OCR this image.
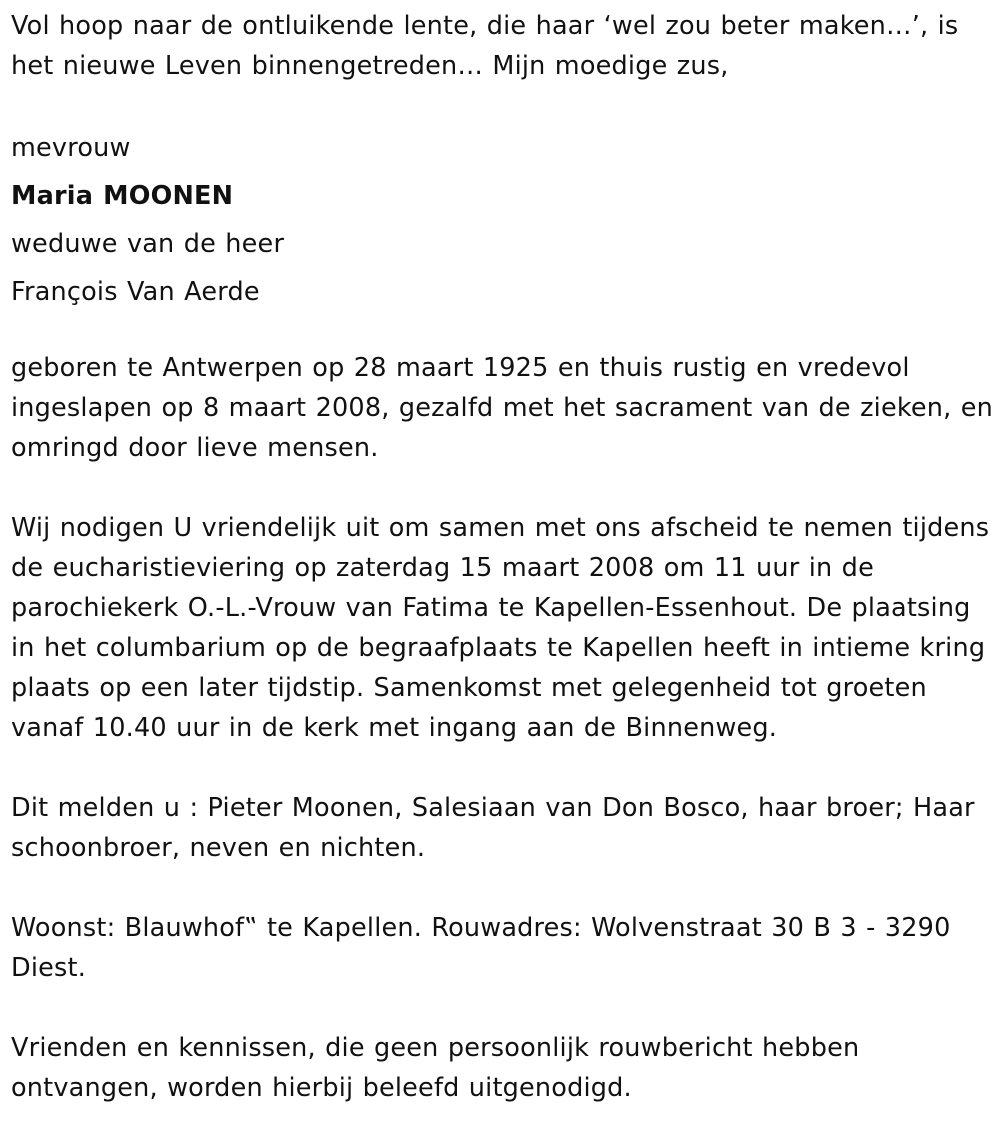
Vol hoop naar de ontluikende lente, die haar ‘wel zou beter maken…’, is het nieuwe Leven binnengetreden… Mijn moedige zus,

mevrouw

Maria MOONEN

weduwe van de heer

François Van Aerde

geboren te Antwerpen op 28 maart 1925 en thuis rustig en vredevol ingeslapen op 8 maart 2008, gezalfd met het sacrament van de zieken, en omringd door lieve mensen.

Wij nodigen U vriendelijk uit om samen met ons afscheid te nemen tijdens de eucharistieviering op zaterdag 15 maart 2008 om 11 uur in de parochiekerk O.-L.-Vrouw van Fatima te Kapellen-Essenhout. De plaatsing in het columbarium op de begraafplaats te Kapellen heeft in intieme kring plaats op een later tijdstip. Samenkomst met gelegenheid tot groeten vanaf 10.40 uur in de kerk met ingang aan de Binnenweg.

Dit melden u : Pieter Moonen, Salesiaan van Don Bosco, haar broer; Haar schoonbroer, neven en nichten.

Woonst: Blauwhof‟ te Kapellen. Rouwadres: Wolvenstraat 30 B 3 - 3290 Diest.

Vrienden en kennissen, die geen persoonlijk rouwbericht hebben ontvangen, worden hierbij beleefd uitgenodigd.
